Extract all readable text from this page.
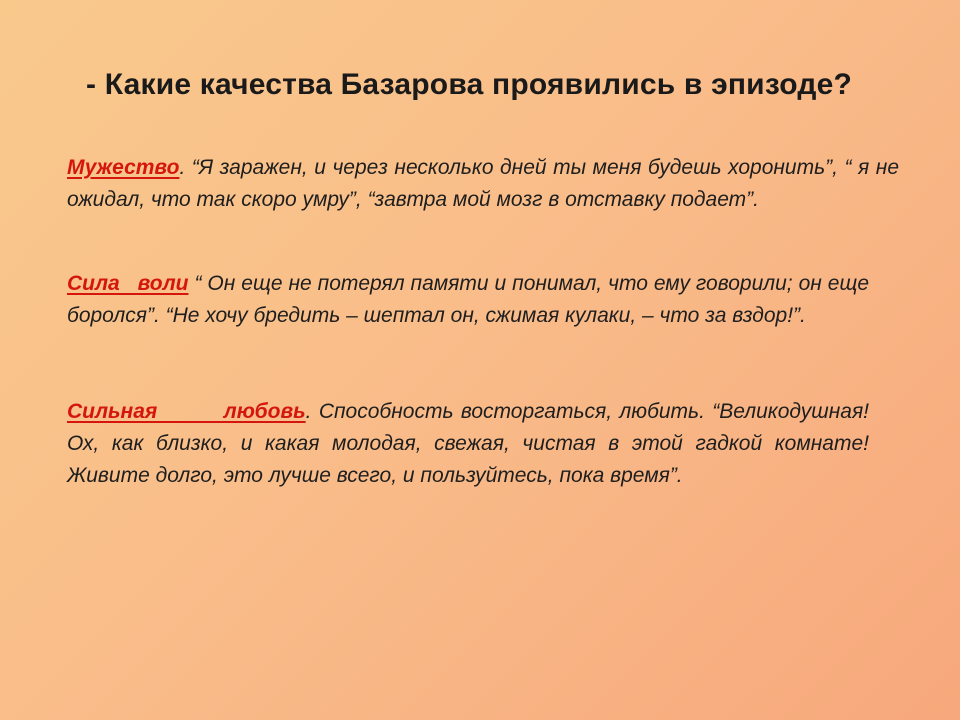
- Какие качества Базарова проявились в эпизоде?
Мужество. “Я заражен, и через несколько дней ты меня будешь хоронить”, “ я не ожидал, что так скоро умру”, “завтра мой мозг в отставку подает”.
Сила   воли “ Он еще не потерял памяти и понимал, что ему говорили; он еще боролся”. “Не хочу бредить – шептал он, сжимая кулаки, – что за вздор!”.
Сильная         любовь. Способность восторгаться, любить. “Великодушная! Ох, как близко, и какая молодая, свежая, чистая в этой гадкой комнате! Живите долго, это лучше всего, и пользуйтесь, пока время”.
